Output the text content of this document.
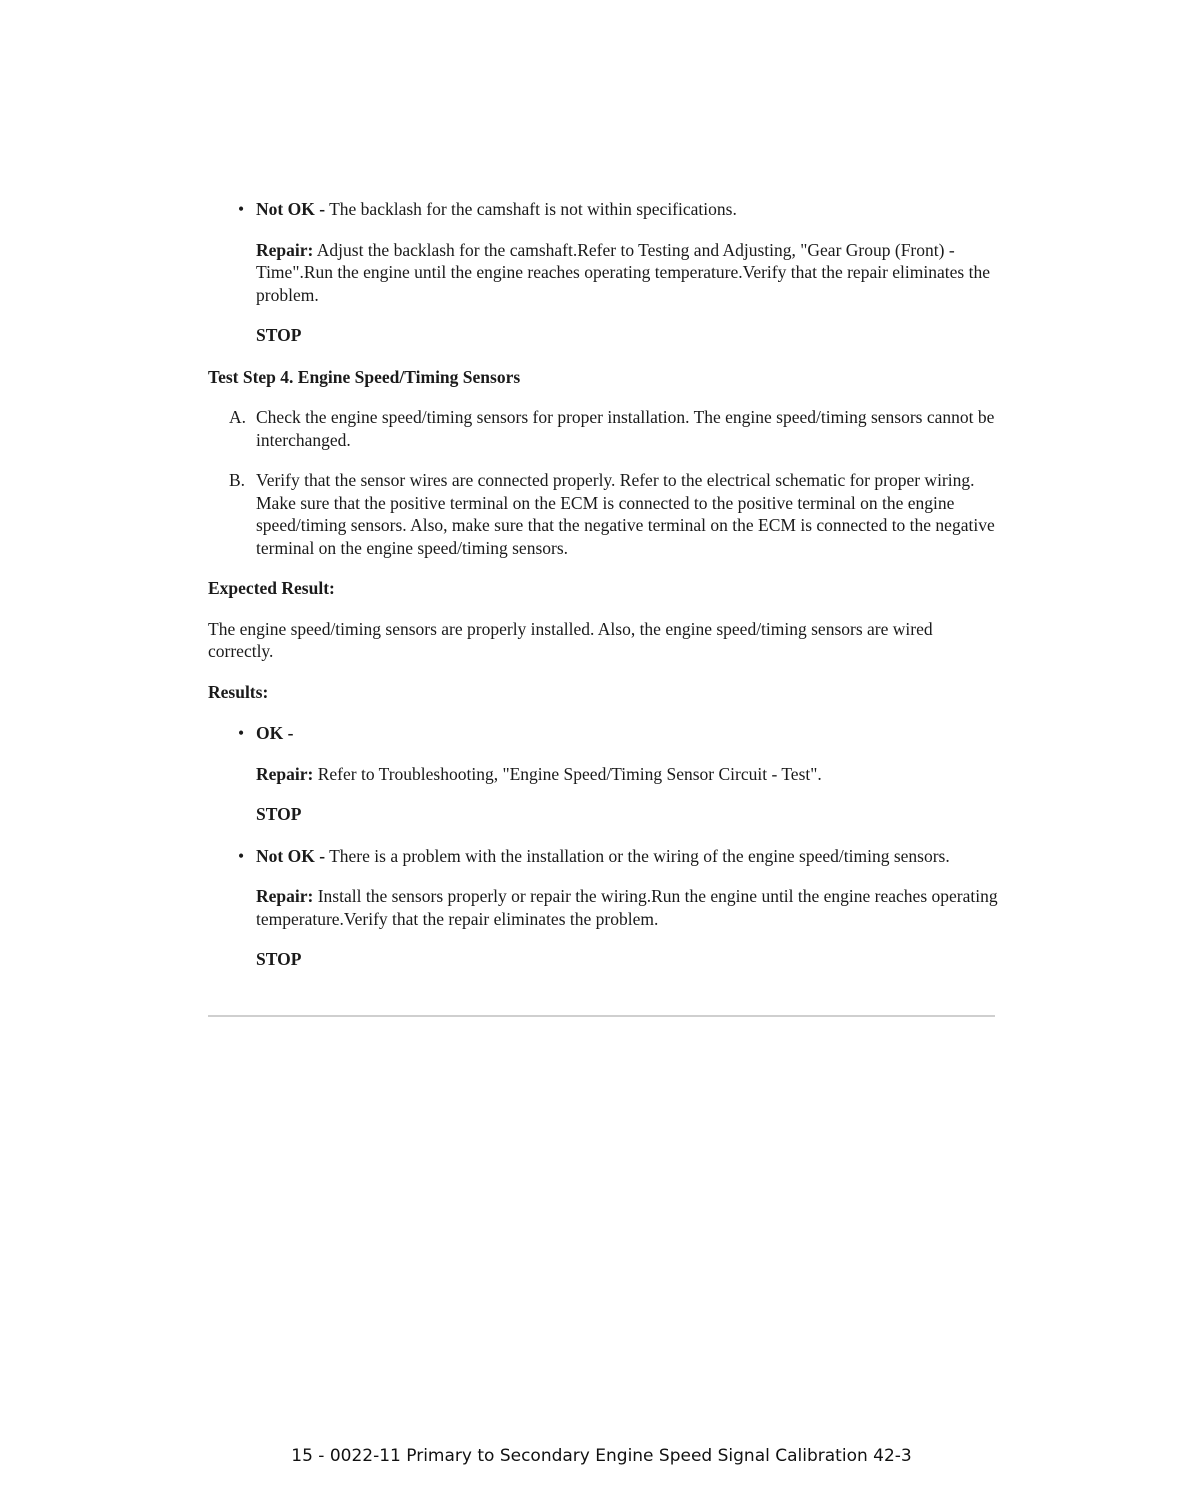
• Not OK - The backlash for the camshaft is not within specifications.
Repair: Adjust the backlash for the camshaft.Refer to Testing and Adjusting, "Gear Group (Front) - Time".Run the engine until the engine reaches operating temperature.Verify that the repair eliminates the problem.
STOP
Test Step 4. Engine Speed/Timing Sensors
A. Check the engine speed/timing sensors for proper installation. The engine speed/timing sensors cannot be interchanged.
B. Verify that the sensor wires are connected properly. Refer to the electrical schematic for proper wiring. Make sure that the positive terminal on the ECM is connected to the positive terminal on the engine speed/timing sensors. Also, make sure that the negative terminal on the ECM is connected to the negative terminal on the engine speed/timing sensors.
Expected Result:
The engine speed/timing sensors are properly installed. Also, the engine speed/timing sensors are wired correctly.
Results:
• OK -
Repair: Refer to Troubleshooting, "Engine Speed/Timing Sensor Circuit - Test".
STOP
• Not OK - There is a problem with the installation or the wiring of the engine speed/timing sensors.
Repair: Install the sensors properly or repair the wiring.Run the engine until the engine reaches operating temperature.Verify that the repair eliminates the problem.
STOP
15 - 0022-11 Primary to Secondary Engine Speed Signal Calibration 42-3
